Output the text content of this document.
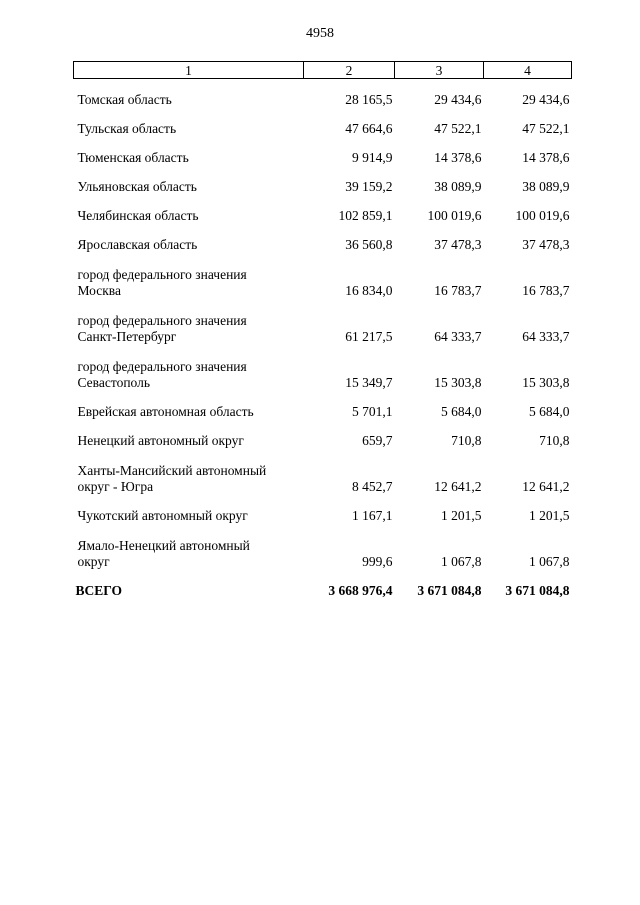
4958
1	2	3	4
Томская область	28 165,5	29 434,6	29 434,6
Тульская область	47 664,6	47 522,1	47 522,1
Тюменская область	9 914,9	14 378,6	14 378,6
Ульяновская область	39 159,2	38 089,9	38 089,9
Челябинская область	102 859,1	100 019,6	100 019,6
Ярославская область	36 560,8	37 478,3	37 478,3
город федерального значения
Москва	16 834,0	16 783,7	16 783,7
город федерального значения
Санкт-Петербург	61 217,5	64 333,7	64 333,7
город федерального значения
Севастополь	15 349,7	15 303,8	15 303,8
Еврейская автономная область	5 701,1	5 684,0	5 684,0
Ненецкий автономный округ	659,7	710,8	710,8
Ханты-Мансийский автономный
округ - Югра	8 452,7	12 641,2	12 641,2
Чукотский автономный округ	1 167,1	1 201,5	1 201,5
Ямало-Ненецкий автономный
округ	999,6	1 067,8	1 067,8
ВСЕГО	3 668 976,4	3 671 084,8	3 671 084,8
